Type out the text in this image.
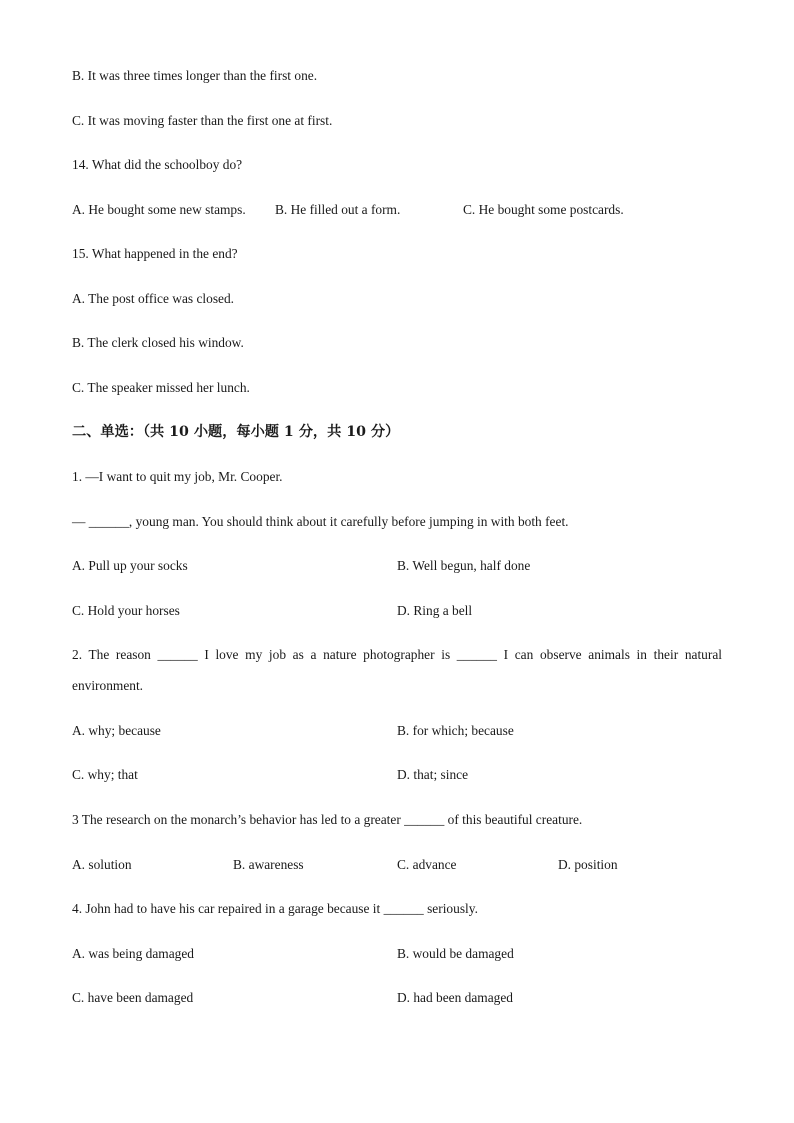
B. It was three times longer than the first one.
C. It was moving faster than the first one at first.
14. What did the schoolboy do?
A. He bought some new stamps. B. He filled out a form.	C. He bought some postcards.
15. What happened in the end?
A. The post office was closed.
B. The clerk closed his window.
C. The speaker missed her lunch.
二、单选：（共 10 小题，每小题 1 分，共 10 分）
1. —I want to quit my job, Mr. Cooper.
— ______, young man. You should think about it carefully before jumping in with both feet.
A. Pull up your socks	B. Well begun, half done
C. Hold your horses	D. Ring a bell
2. The reason ______ I love my job as a nature photographer is ______ I can observe animals in their natural
environment.
A. why; because	B. for which; because
C. why; that	D. that; since
3 The research on the monarch’s behavior has led to a greater ______ of this beautiful creature.
A. solution	B. awareness	C. advance	D. position
4. John had to have his car repaired in a garage because it ______ seriously.
A. was being damaged	B. would be damaged
C. have been damaged	D. had been damaged
